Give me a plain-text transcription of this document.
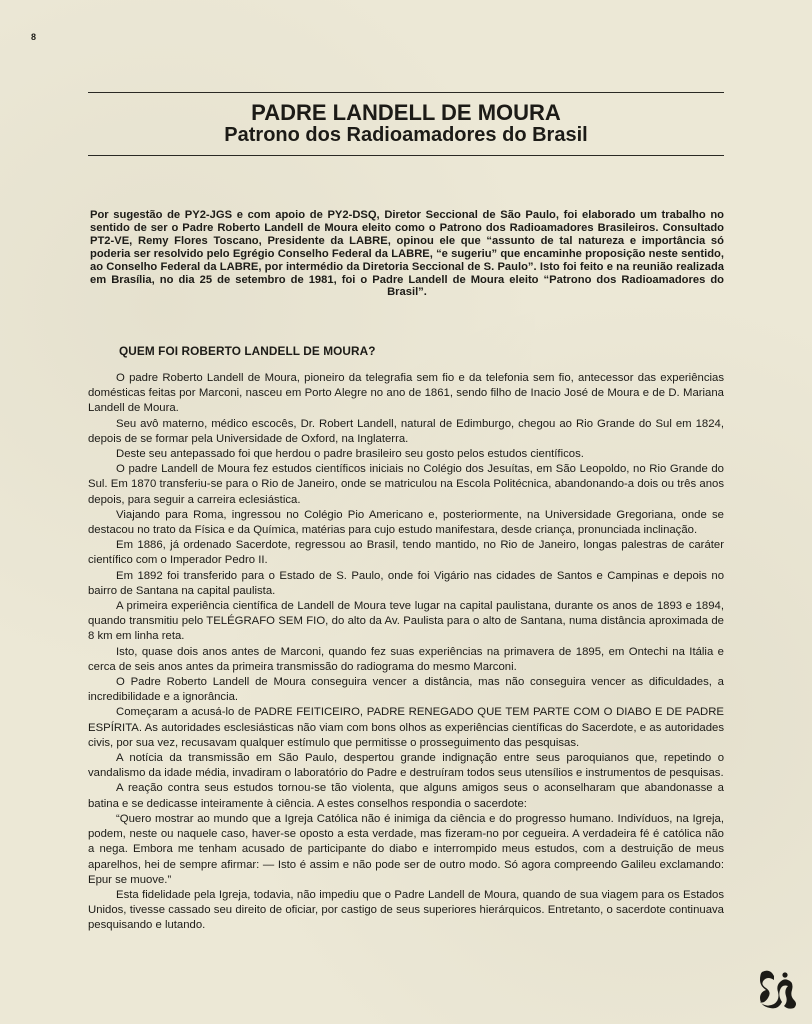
8
PADRE LANDELL DE MOURA
Patrono dos Radioamadores do Brasil
Por sugestão de PY2-JGS e com apoio de PY2-DSQ, Diretor Seccional de São Paulo, foi elaborado um trabalho no sentido de ser o Padre Roberto Landell de Moura eleito como o Patrono dos Radioamadores Brasileiros. Consultado PT2-VE, Remy Flores Toscano, Presidente da LABRE, opinou ele que “assunto de tal natureza e importância só poderia ser resolvido pelo Egrégio Conselho Federal da LABRE, “e sugeriu” que encaminhe proposição neste sentido, ao Conselho Federal da LABRE, por intermédio da Diretoria Seccional de S. Paulo”. Isto foi feito e na reunião realizada em Brasília, no dia 25 de setembro de 1981, foi o Padre Landell de Moura eleito “Patrono dos Radioamadores do Brasil”.
QUEM FOI ROBERTO LANDELL DE MOURA?

O padre Roberto Landell de Moura, pioneiro da telegrafia sem fio e da telefonia sem fio, antecessor das experiências domésticas feitas por Marconi, nasceu em Porto Alegre no ano de 1861, sendo filho de Inacio José de Moura e de D. Mariana Landell de Moura.

Seu avô materno, médico escocês, Dr. Robert Landell, natural de Edimburgo, chegou ao Rio Grande do Sul em 1824, depois de se formar pela Universidade de Oxford, na Inglaterra.

Deste seu antepassado foi que herdou o padre brasileiro seu gosto pelos estudos científicos.

O padre Landell de Moura fez estudos científicos iniciais no Colégio dos Jesuítas, em São Leopoldo, no Rio Grande do Sul. Em 1870 transferiu-se para o Rio de Janeiro, onde se matriculou na Escola Politécnica, abandonando-a dois ou três anos depois, para seguir a carreira eclesiástica.

Viajando para Roma, ingressou no Colégio Pio Americano e, posteriormente, na Universidade Gregoriana, onde se destacou no trato da Física e da Química, matérias para cujo estudo manifestara, desde criança, pronunciada inclinação.

Em 1886, já ordenado Sacerdote, regressou ao Brasil, tendo mantido, no Rio de Janeiro, longas palestras de caráter científico com o Imperador Pedro II.

Em 1892 foi transferido para o Estado de S. Paulo, onde foi Vigário nas cidades de Santos e Campinas e depois no bairro de Santana na capital paulista.

A primeira experiência científica de Landell de Moura teve lugar na capital paulistana, durante os anos de 1893 e 1894, quando transmitiu pelo TELÉGRAFO SEM FIO, do alto da Av. Paulista para o alto de Santana, numa distância aproximada de 8 km em linha reta.

Isto, quase dois anos antes de Marconi, quando fez suas experiências na primavera de 1895, em Ontechi na Itália e cerca de seis anos antes da primeira transmissão do radiograma do mesmo Marconi.

O Padre Roberto Landell de Moura conseguira vencer a distância, mas não conseguira vencer as dificuldades, a incredibilidade e a ignorância.

Começaram a acusá-lo de PADRE FEITICEIRO, PADRE RENEGADO QUE TEM PARTE COM O DIABO E DE PADRE ESPÍRITA. As autoridades esclesiásticas não viam com bons olhos as experiências científicas do Sacerdote, e as autoridades civis, por sua vez, recusavam qualquer estímulo que permitisse o prosseguimento das pesquisas.

A notícia da transmissão em São Paulo, despertou grande indignação entre seus paroquianos que, repetindo o vandalismo da idade média, invadiram o laboratório do Padre e destruíram todos seus utensílios e instrumentos de pesquisas.

A reação contra seus estudos tornou-se tão violenta, que alguns amigos seus o aconselharam que abandonasse a batina e se dedicasse inteiramente à ciência. A estes conselhos respondia o sacerdote:

“Quero mostrar ao mundo que a Igreja Católica não é inimiga da ciência e do progresso humano. Indivíduos, na Igreja, podem, neste ou naquele caso, haver-se oposto a esta verdade, mas fizeram-no por cegueira. A verdadeira fé é católica não a nega. Embora me tenham acusado de participante do diabo e interrompido meus estudos, com a destruição de meus aparelhos, hei de sempre afirmar: — Isto é assim e não pode ser de outro modo. Só agora compreendo Galileu exclamando: Epur se muove.”

Esta fidelidade pela Igreja, todavia, não impediu que o Padre Landell de Moura, quando de sua viagem para os Estados Unidos, tivesse cassado seu direito de oficiar, por castigo de seus superiores hierárquicos. Entretanto, o sacerdote continuava pesquisando e lutando.
